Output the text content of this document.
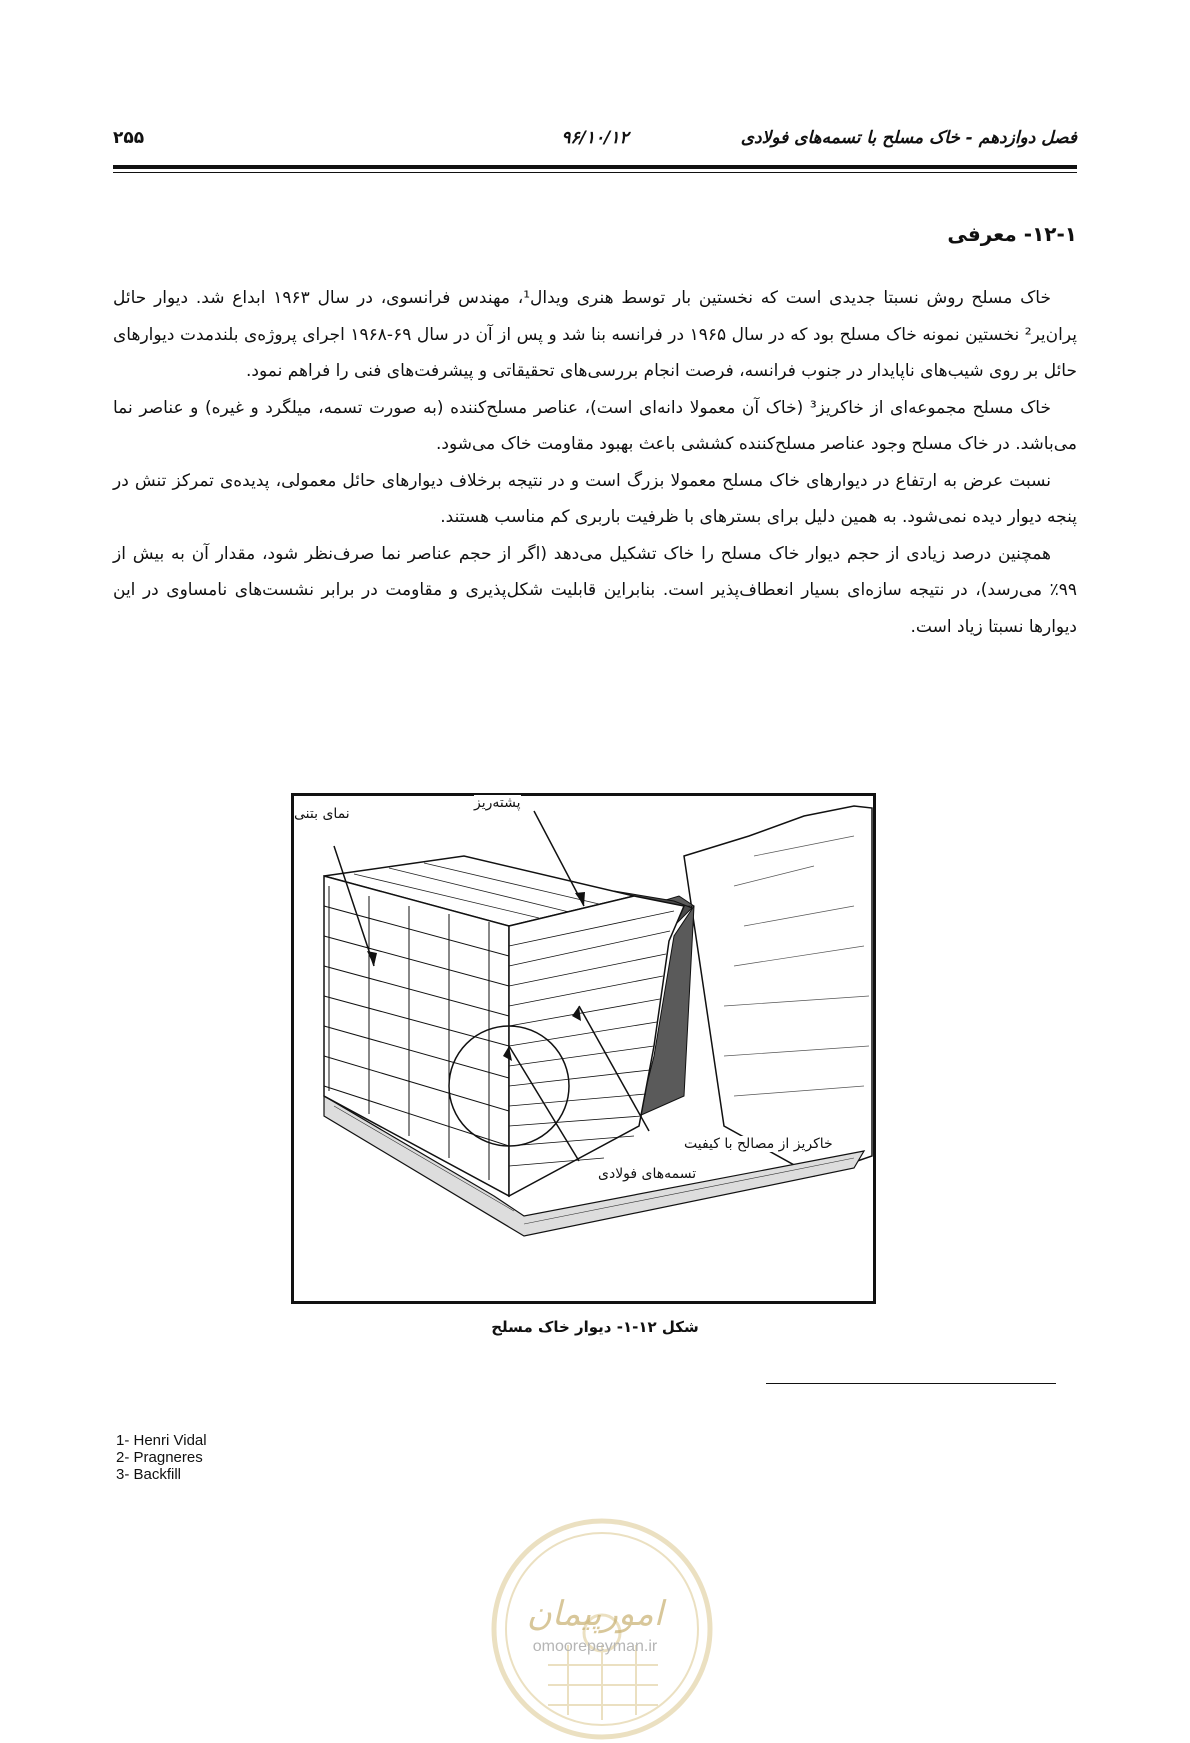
فصل دوازدهم - خاک مسلح با تسمه‌های فولادی
۹۶/۱۰/۱۲
۲۵۵
۱۲-۱- معرفی

خاک مسلح روش نسبتا جدیدی است که نخستین بار توسط هنری ویدال¹، مهندس فرانسوی، در سال ۱۹۶۳ ابداع شد. دیوار حائل پران‌یر² نخستین نمونه خاک مسلح بود که در سال ۱۹۶۵ در فرانسه بنا شد و پس از آن در سال ۶۹-۱۹۶۸ اجرای پروژه‌ی بلندمدت دیوارهای حائل بر روی شیب‌های ناپایدار در جنوب فرانسه، فرصت انجام بررسی‌های تحقیقاتی و پیشرفت‌های فنی را فراهم نمود.

خاک مسلح مجموعه‌ای از خاکریز³ (خاک آن معمولا دانه‌ای است)، عناصر مسلح‌کننده (به صورت تسمه، میلگرد و غیره) و عناصر نما می‌باشد. در خاک مسلح وجود عناصر مسلح‌کننده کششی باعث بهبود مقاومت خاک می‌شود.

نسبت عرض به ارتفاع در دیوارهای خاک مسلح معمولا بزرگ است و در نتیجه برخلاف دیوارهای حائل معمولی، پدیده‌ی تمرکز تنش در پنجه دیوار دیده نمی‌شود. به همین دلیل برای بسترهای با ظرفیت باربری کم مناسب هستند.

همچنین درصد زیادی از حجم دیوار خاک مسلح را خاک تشکیل می‌دهد (اگر از حجم عناصر نما صرف‌نظر شود، مقدار آن به بیش از ۹۹٪ می‌رسد)، در نتیجه سازه‌ای بسیار انعطاف‌پذیر است. بنابراین قابلیت شکل‌پذیری و مقاومت در برابر نشست‌های نامساوی در این دیوارها نسبتا زیاد است.

نمای بتنی
پشته‌ریز
خاکریز از مصالح با کیفیت
تسمه‌های فولادی
شکل ۱۲-۱- دیوار خاک مسلح
1- Henri Vidal
2- Pragneres
3- Backfill
امورپیمان
omoorepeyman.ir
